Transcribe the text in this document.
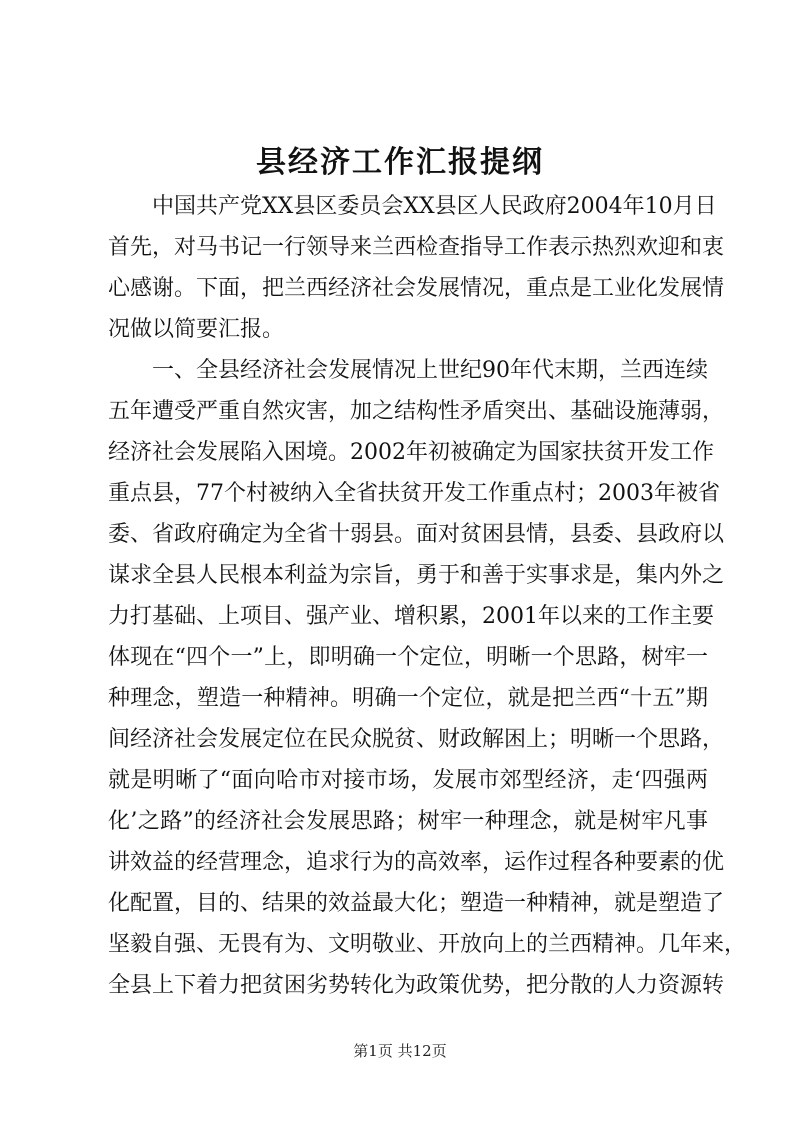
县经济工作汇报提纲
中国共产党XX县区委员会XX县区人民政府2004年10月日
首先，对马书记一行领导来兰西检查指导工作表示热烈欢迎和衷
心感谢。下面，把兰西经济社会发展情况，重点是工业化发展情
况做以简要汇报。
一、全县经济社会发展情况上世纪90年代末期，兰西连续
五年遭受严重自然灾害，加之结构性矛盾突出、基础设施薄弱，
经济社会发展陷入困境。2002年初被确定为国家扶贫开发工作
重点县，77个村被纳入全省扶贫开发工作重点村；2003年被省
委、省政府确定为全省十弱县。面对贫困县情，县委、县政府以
谋求全县人民根本利益为宗旨，勇于和善于实事求是，集内外之
力打基础、上项目、强产业、增积累，2001年以来的工作主要
体现在“四个一”上，即明确一个定位，明晰一个思路，树牢一
种理念，塑造一种精神。明确一个定位，就是把兰西“十五”期
间经济社会发展定位在民众脱贫、财政解困上；明晰一个思路，
就是明晰了“面向哈市对接市场，发展市郊型经济，走‘四强两
化’之路”的经济社会发展思路；树牢一种理念，就是树牢凡事
讲效益的经营理念，追求行为的高效率，运作过程各种要素的优
化配置，目的、结果的效益最大化；塑造一种精神，就是塑造了
坚毅自强、无畏有为、文明敬业、开放向上的兰西精神。几年来，
全县上下着力把贫困劣势转化为政策优势，把分散的人力资源转
第1页 共12页
